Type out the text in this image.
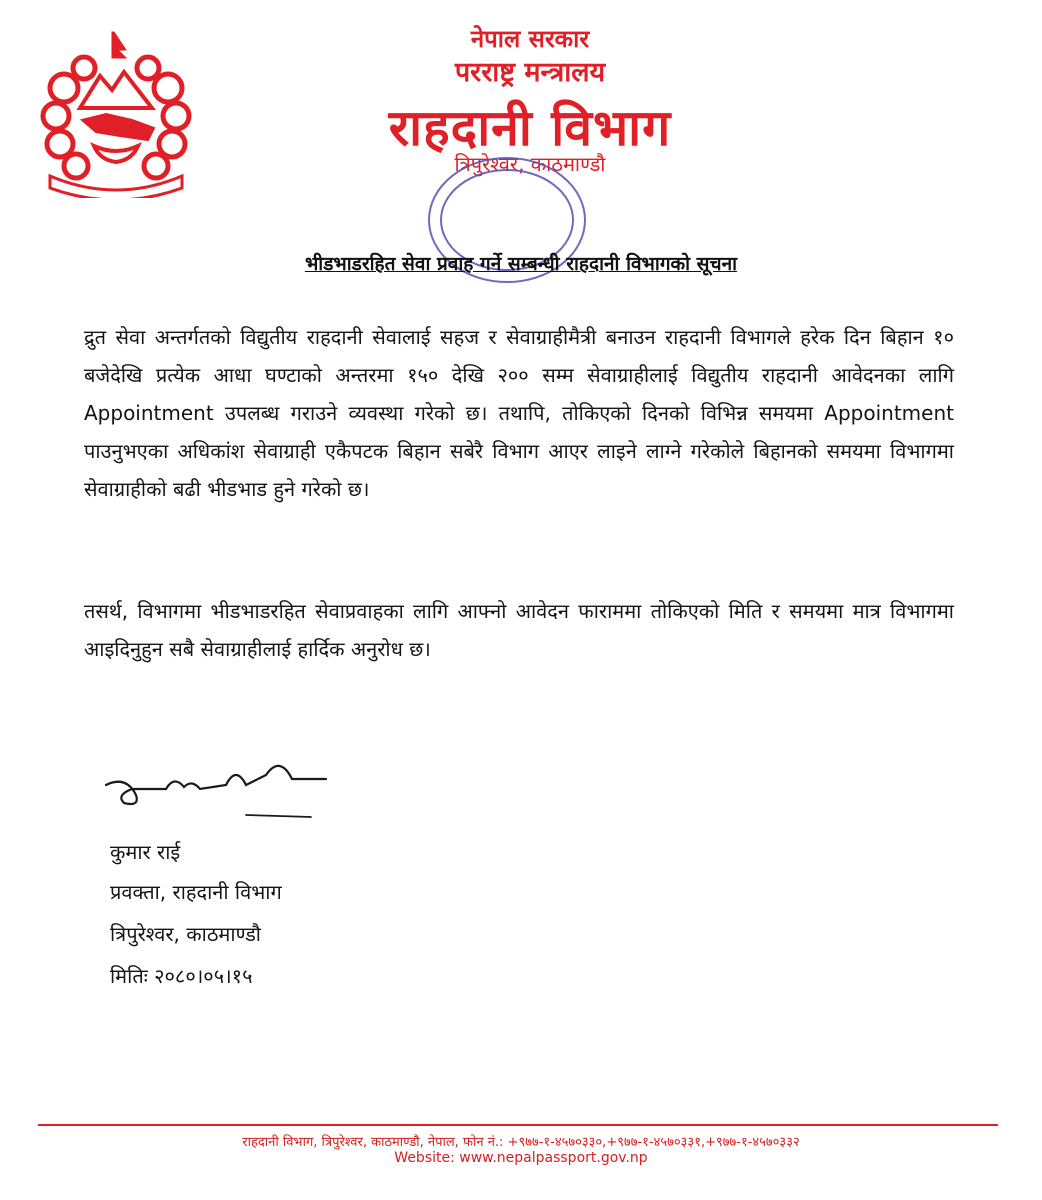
नेपाल सरकार
परराष्ट्र मन्त्रालय
राहदानी विभाग
त्रिपुरेश्वर, काठमाण्डौ
भीडभाडरहित सेवा प्रवाह गर्ने सम्बन्धी राहदानी विभागको सूचना
द्रुत सेवा अन्तर्गतको विद्युतीय राहदानी सेवालाई सहज र सेवाग्राहीमैत्री बनाउन राहदानी विभागले हरेक दिन बिहान १० बजेदेखि प्रत्येक आधा घण्टाको अन्तरमा १५० देखि २०० सम्म सेवाग्राहीलाई विद्युतीय राहदानी आवेदनका लागि Appointment उपलब्ध गराउने व्यवस्था गरेको छ। तथापि, तोकिएको दिनको विभिन्न समयमा Appointment पाउनुभएका अधिकांश सेवाग्राही एकैपटक बिहान सबेरै विभाग आएर लाइने लाग्ने गरेकोले बिहानको समयमा विभागमा सेवाग्राहीको बढी भीडभाड हुने गरेको छ।
तसर्थ, विभागमा भीडभाडरहित सेवाप्रवाहका लागि आफ्नो आवेदन फाराममा तोकिएको मिति र समयमा मात्र विभागमा आइदिनुहुन सबै सेवाग्राहीलाई हार्दिक अनुरोध छ।
कुमार राई
प्रवक्ता, राहदानी विभाग
त्रिपुरेश्वर, काठमाण्डौ
मितिः २०८०।०५।१५
राहदानी विभाग, त्रिपुरेश्वर, काठमाण्डौ, नेपाल, फोन नं.: +९७७-१-४५७०३३०,+९७७-१-४५७०३३१,+९७७-१-४५७०३३२
Website: www.nepalpassport.gov.np
